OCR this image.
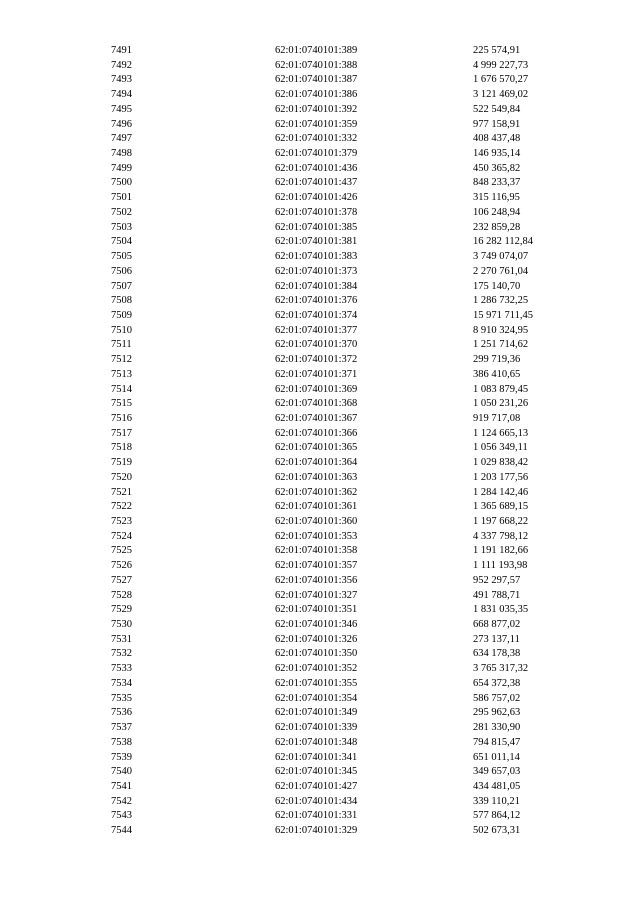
7491	62:01:0740101:389	225 574,91
7492	62:01:0740101:388	4 999 227,73
7493	62:01:0740101:387	1 676 570,27
7494	62:01:0740101:386	3 121 469,02
7495	62:01:0740101:392	522 549,84
7496	62:01:0740101:359	977 158,91
7497	62:01:0740101:332	408 437,48
7498	62:01:0740101:379	146 935,14
7499	62:01:0740101:436	450 365,82
7500	62:01:0740101:437	848 233,37
7501	62:01:0740101:426	315 116,95
7502	62:01:0740101:378	106 248,94
7503	62:01:0740101:385	232 859,28
7504	62:01:0740101:381	16 282 112,84
7505	62:01:0740101:383	3 749 074,07
7506	62:01:0740101:373	2 270 761,04
7507	62:01:0740101:384	175 140,70
7508	62:01:0740101:376	1 286 732,25
7509	62:01:0740101:374	15 971 711,45
7510	62:01:0740101:377	8 910 324,95
7511	62:01:0740101:370	1 251 714,62
7512	62:01:0740101:372	299 719,36
7513	62:01:0740101:371	386 410,65
7514	62:01:0740101:369	1 083 879,45
7515	62:01:0740101:368	1 050 231,26
7516	62:01:0740101:367	919 717,08
7517	62:01:0740101:366	1 124 665,13
7518	62:01:0740101:365	1 056 349,11
7519	62:01:0740101:364	1 029 838,42
7520	62:01:0740101:363	1 203 177,56
7521	62:01:0740101:362	1 284 142,46
7522	62:01:0740101:361	1 365 689,15
7523	62:01:0740101:360	1 197 668,22
7524	62:01:0740101:353	4 337 798,12
7525	62:01:0740101:358	1 191 182,66
7526	62:01:0740101:357	1 111 193,98
7527	62:01:0740101:356	952 297,57
7528	62:01:0740101:327	491 788,71
7529	62:01:0740101:351	1 831 035,35
7530	62:01:0740101:346	668 877,02
7531	62:01:0740101:326	273 137,11
7532	62:01:0740101:350	634 178,38
7533	62:01:0740101:352	3 765 317,32
7534	62:01:0740101:355	654 372,38
7535	62:01:0740101:354	586 757,02
7536	62:01:0740101:349	295 962,63
7537	62:01:0740101:339	281 330,90
7538	62:01:0740101:348	794 815,47
7539	62:01:0740101:341	651 011,14
7540	62:01:0740101:345	349 657,03
7541	62:01:0740101:427	434 481,05
7542	62:01:0740101:434	339 110,21
7543	62:01:0740101:331	577 864,12
7544	62:01:0740101:329	502 673,31
